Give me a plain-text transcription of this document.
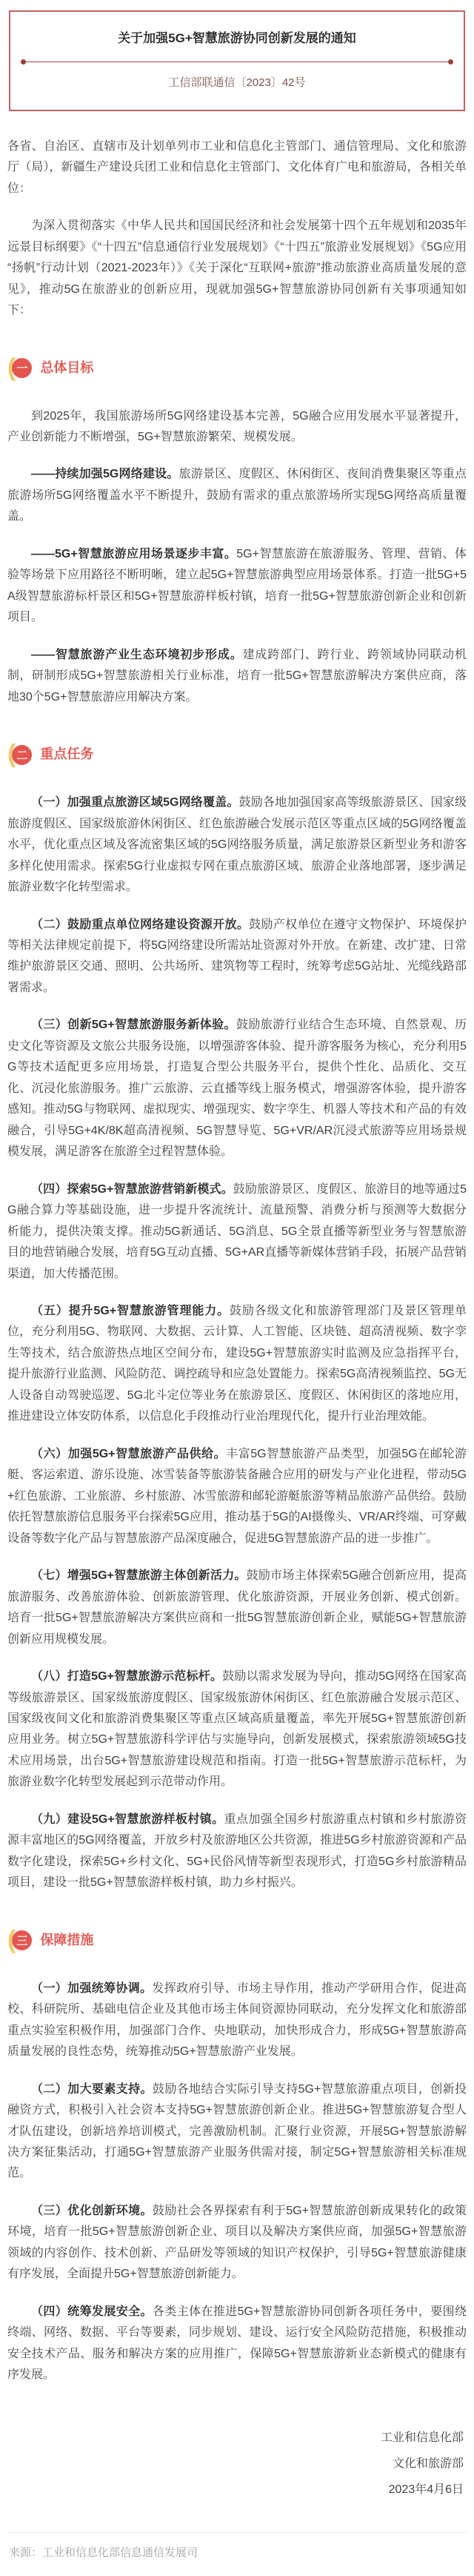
关于加强5G+智慧旅游协同创新发展的通知
工信部联通信〔2023〕42号

各省、自治区、直辖市及计划单列市工业和信息化主管部门、通信管理局、文化和旅游厅（局），新疆生产建设兵团工业和信息化主管部门、文化体育广电和旅游局，各相关单位：

为深入贯彻落实《中华人民共和国国民经济和社会发展第十四个五年规划和2035年远景目标纲要》《“十四五”信息通信行业发展规划》《“十四五”旅游业发展规划》《5G应用“扬帆”行动计划（2021-2023年）》《关于深化“互联网+旅游”推动旅游业高质量发展的意见》，推动5G在旅游业的创新应用，现就加强5G+智慧旅游协同创新有关事项通知如下：

( 一 总体目标

到2025年，我国旅游场所5G网络建设基本完善，5G融合应用发展水平显著提升，产业创新能力不断增强，5G+智慧旅游繁荣、规模发展。

——持续加强5G网络建设。旅游景区、度假区、休闲街区、夜间消费集聚区等重点旅游场所5G网络覆盖水平不断提升，鼓励有需求的重点旅游场所实现5G网络高质量覆盖。

——5G+智慧旅游应用场景逐步丰富。5G+智慧旅游在旅游服务、管理、营销、体验等场景下应用路径不断明晰，建立起5G+智慧旅游典型应用场景体系。打造一批5G+5A级智慧旅游标杆景区和5G+智慧旅游样板村镇，培育一批5G+智慧旅游创新企业和创新项目。

——智慧旅游产业生态环境初步形成。建成跨部门、跨行业、跨领域协同联动机制，研制形成5G+智慧旅游相关行业标准，培育一批5G+智慧旅游解决方案供应商，落地30个5G+智慧旅游应用解决方案。

( 二 重点任务

（一）加强重点旅游区域5G网络覆盖。鼓励各地加强国家高等级旅游景区、国家级旅游度假区、国家级旅游休闲街区、红色旅游融合发展示范区等重点区域的5G网络覆盖水平，优化重点区域及客流密集区域的5G网络服务质量，满足旅游景区新型业务和游客多样化使用需求。探索5G行业虚拟专网在重点旅游区域、旅游企业落地部署，逐步满足旅游业数字化转型需求。

（二）鼓励重点单位网络建设资源开放。鼓励产权单位在遵守文物保护、环境保护等相关法律规定前提下，将5G网络建设所需站址资源对外开放。在新建、改扩建、日常维护旅游景区交通、照明、公共场所、建筑物等工程时，统筹考虑5G站址、光缆线路部署需求。

（三）创新5G+智慧旅游服务新体验。鼓励旅游行业结合生态环境、自然景观、历史文化等资源及文旅公共服务设施，以增强游客体验、提升游客服务为核心，充分利用5G等技术适配更多应用场景，打造复合型公共服务平台，提供个性化、品质化、交互化、沉浸化旅游服务。推广云旅游、云直播等线上服务模式，增强游客体验，提升游客感知。推动5G与物联网、虚拟现实、增强现实、数字孪生、机器人等技术和产品的有效融合，引导5G+4K/8K超高清视频、5G智慧导览、5G+VR/AR沉浸式旅游等应用场景规模发展，满足游客在旅游全过程智慧体验。

（四）探索5G+智慧旅游营销新模式。鼓励旅游景区、度假区、旅游目的地等通过5G融合算力等基础设施，进一步提升客流统计、流量预警、消费分析与预测等大数据分析能力，提供决策支撑。推动5G新通话、5G消息、5G全景直播等新型业务与智慧旅游目的地营销融合发展，培育5G互动直播、5G+AR直播等新媒体营销手段，拓展产品营销渠道，加大传播范围。

（五）提升5G+智慧旅游管理能力。鼓励各级文化和旅游管理部门及景区管理单位，充分利用5G、物联网、大数据、云计算、人工智能、区块链、超高清视频、数字孪生等技术，结合旅游热点地区空间分布，建设5G+智慧旅游实时监测及应急指挥平台，提升旅游行业监测、风险防范、调控疏导和应急处置能力。探索5G高清视频监控、5G无人设备自动驾驶巡逻、5G北斗定位等业务在旅游景区、度假区、休闲街区的落地应用，推进建设立体安防体系，以信息化手段推动行业治理现代化，提升行业治理效能。

（六）加强5G+智慧旅游产品供给。丰富5G智慧旅游产品类型，加强5G在邮轮游艇、客运索道、游乐设施、冰雪装备等旅游装备融合应用的研发与产业化进程，带动5G+红色旅游、工业旅游、乡村旅游、冰雪旅游和邮轮游艇旅游等精品旅游产品供给。鼓励依托智慧旅游信息服务平台探索5G应用，推动基于5G的AI摄像头、VR/AR终端、可穿戴设备等数字化产品与智慧旅游产品深度融合，促进5G智慧旅游产品的进一步推广。

（七）增强5G+智慧旅游主体创新活力。鼓励市场主体探索5G融合创新应用，提高旅游服务、改善旅游体验、创新旅游管理、优化旅游资源，开展业务创新、模式创新。培育一批5G+智慧旅游解决方案供应商和一批5G智慧旅游创新企业，赋能5G+智慧旅游创新应用规模发展。

（八）打造5G+智慧旅游示范标杆。鼓励以需求发展为导向，推动5G网络在国家高等级旅游景区、国家级旅游度假区、国家级旅游休闲街区、红色旅游融合发展示范区、国家级夜间文化和旅游消费集聚区等重点区域高质量覆盖，率先开展5G+智慧旅游创新应用业务。树立5G+智慧旅游科学评估与实施导向，创新发展模式，探索旅游领域5G技术应用场景，出台5G+智慧旅游建设规范和指南。打造一批5G+智慧旅游示范标杆，为旅游业数字化转型发展起到示范带动作用。

（九）建设5G+智慧旅游样板村镇。重点加强全国乡村旅游重点村镇和乡村旅游资源丰富地区的5G网络覆盖，开放乡村及旅游地区公共资源，推进5G乡村旅游资源和产品数字化建设，探索5G+乡村文化、5G+民俗风情等新型表现形式，打造5G乡村旅游精品项目，建设一批5G+智慧旅游样板村镇，助力乡村振兴。

( 三 保障措施

（一）加强统筹协调。发挥政府引导、市场主导作用，推动产学研用合作，促进高校、科研院所、基础电信企业及其他市场主体间资源协同联动，充分发挥文化和旅游部重点实验室积极作用，加强部门合作、央地联动，加快形成合力，形成5G+智慧旅游高质量发展的良性态势，统筹推动5G+智慧旅游产业发展。

（二）加大要素支持。鼓励各地结合实际引导支持5G+智慧旅游重点项目，创新投融资方式，积极引入社会资本支持5G+智慧旅游创新企业。推进5G+智慧旅游复合型人才队伍建设，创新培养培训模式，完善激励机制。汇聚行业资源，开展5G+智慧旅游解决方案征集活动，打通5G+智慧旅游产业服务供需对接，制定5G+智慧旅游相关标准规范。

（三）优化创新环境。鼓励社会各界探索有利于5G+智慧旅游创新成果转化的政策环境，培育一批5G+智慧旅游创新企业、项目以及解决方案供应商，加强5G+智慧旅游领域的内容创作、技术创新、产品研发等领域的知识产权保护，引导5G+智慧旅游健康有序发展，全面提升5G+智慧旅游创新能力。

（四）统筹发展安全。各类主体在推进5G+智慧旅游协同创新各项任务中，要围绕终端、网络、数据、平台等要素，同步规划、建设、运行安全风险防范措施，积极推动安全技术产品、服务和解决方案的应用推广，保障5G+智慧旅游新业态新模式的健康有序发展。

工业和信息化部
文化和旅游部
2023年4月6日
来源：工业和信息化部信息通信发展司
